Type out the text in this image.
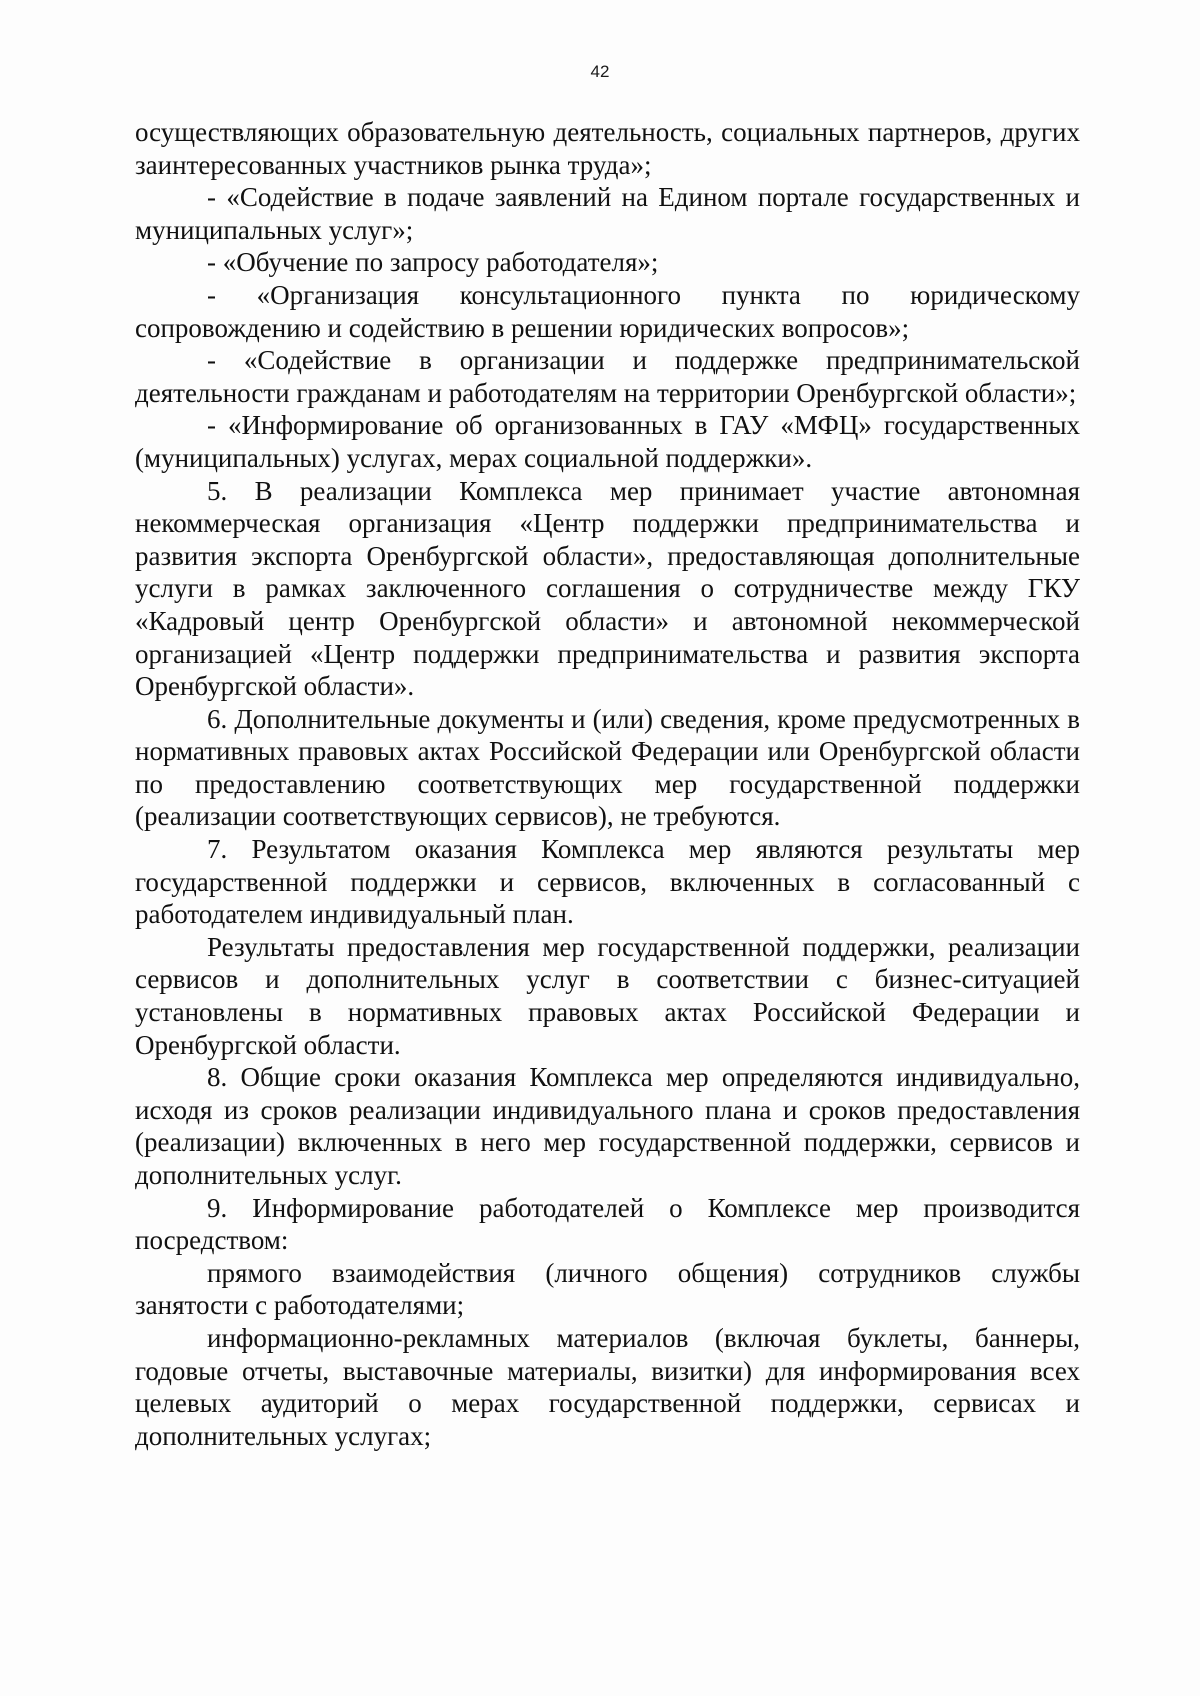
42

осуществляющих образовательную деятельность, социальных партнеров, других заинтересованных участников рынка труда»;

- «Содействие в подаче заявлений на Едином портале государственных и муниципальных услуг»;

- «Обучение по запросу работодателя»;

- «Организация консультационного пункта по юридическому сопровождению и содействию в решении юридических вопросов»;

- «Содействие в организации и поддержке предпринимательской деятельности гражданам и работодателям на территории Оренбургской области»;

- «Информирование об организованных в ГАУ «МФЦ» государственных (муниципальных) услугах, мерах социальной поддержки».

5. В реализации Комплекса мер принимает участие автономная некоммерческая организация «Центр поддержки предпринимательства и развития экспорта Оренбургской области», предоставляющая дополнительные услуги в рамках заключенного соглашения о сотрудничестве между ГКУ «Кадровый центр Оренбургской области» и автономной некоммерческой организацией «Центр поддержки предпринимательства и развития экспорта Оренбургской области».

6. Дополнительные документы и (или) сведения, кроме предусмотренных в нормативных правовых актах Российской Федерации или Оренбургской области по предоставлению соответствующих мер государственной поддержки (реализации соответствующих сервисов), не требуются.

7. Результатом оказания Комплекса мер являются результаты мер государственной поддержки и сервисов, включенных в согласованный с работодателем индивидуальный план.

Результаты предоставления мер государственной поддержки, реализации сервисов и дополнительных услуг в соответствии с бизнес-ситуацией установлены в нормативных правовых актах Российской Федерации и Оренбургской области.

8. Общие сроки оказания Комплекса мер определяются индивидуально, исходя из сроков реализации индивидуального плана и сроков предоставления (реализации) включенных в него мер государственной поддержки, сервисов и дополнительных услуг.

9. Информирование работодателей о Комплексе мер производится посредством:

прямого взаимодействия (личного общения) сотрудников службы занятости с работодателями;

информационно-рекламных материалов (включая буклеты, баннеры, годовые отчеты, выставочные материалы, визитки) для информирования всех целевых аудиторий о мерах государственной поддержки, сервисах и дополнительных услугах;
